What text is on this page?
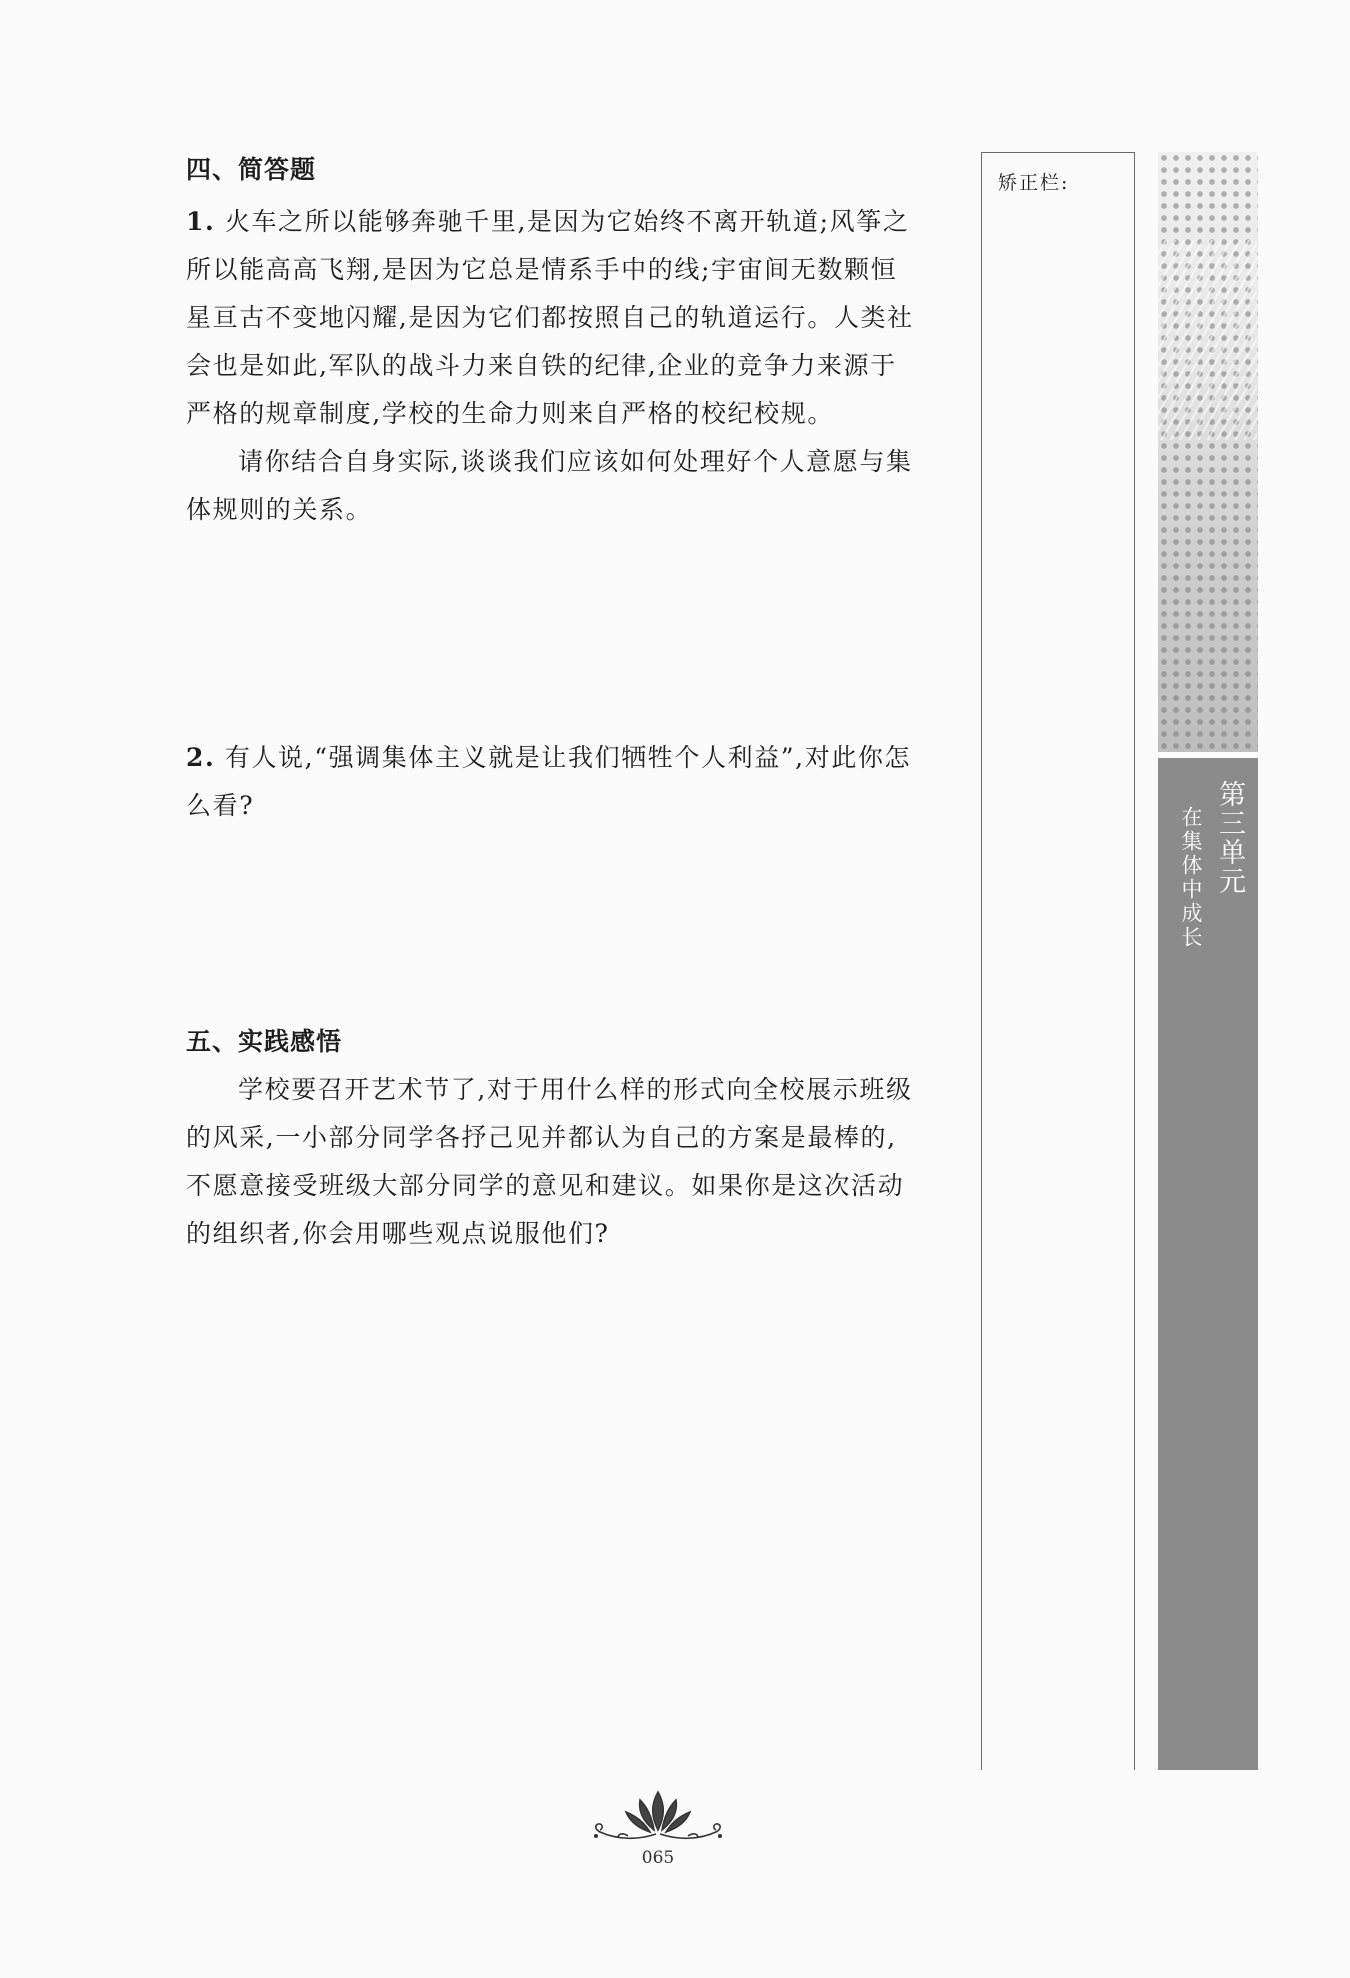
四、简答题
1. 火车之所以能够奔驰千里,是因为它始终不离开轨道;风筝之
所以能高高飞翔,是因为它总是情系手中的线;宇宙间无数颗恒
星亘古不变地闪耀,是因为它们都按照自己的轨道运行。人类社
会也是如此,军队的战斗力来自铁的纪律,企业的竞争力来源于
严格的规章制度,学校的生命力则来自严格的校纪校规。
请你结合自身实际,谈谈我们应该如何处理好个人意愿与集
体规则的关系。
2. 有人说,“强调集体主义就是让我们牺牲个人利益”,对此你怎
么看?
五、实践感悟
学校要召开艺术节了,对于用什么样的形式向全校展示班级
的风采,一小部分同学各抒己见并都认为自己的方案是最棒的,
不愿意接受班级大部分同学的意见和建议。如果你是这次活动
的组织者,你会用哪些观点说服他们?
矫正栏:
第三单元
在集体中成长
065
